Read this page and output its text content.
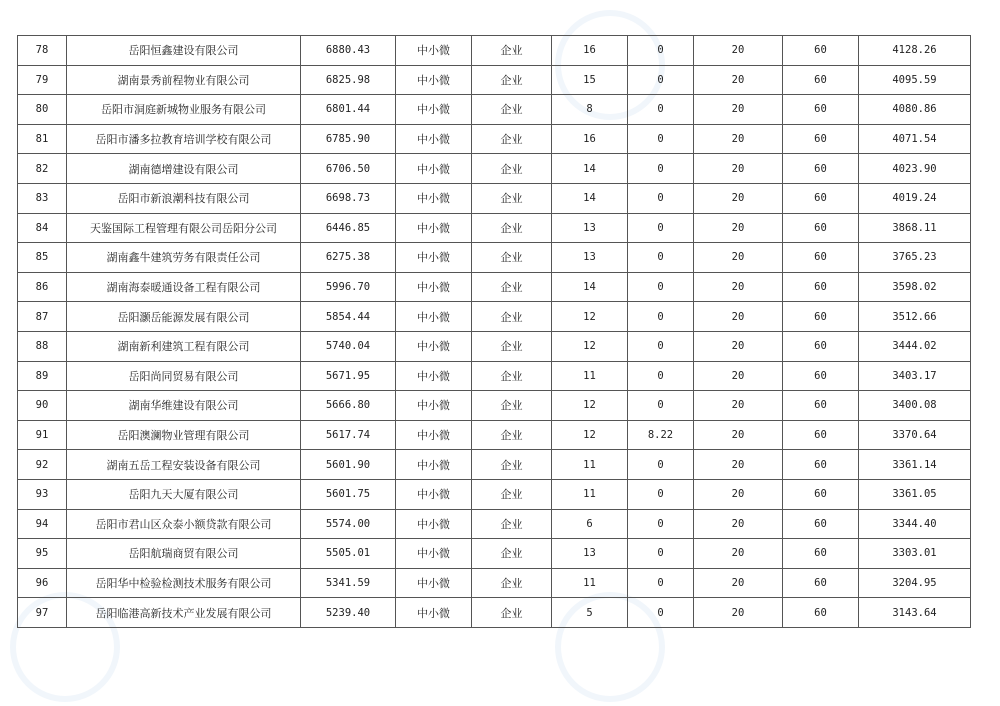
78	岳阳恒鑫建设有限公司	6880.43	中小微	企业	16	0	20	60	4128.26
79	湖南景秀前程物业有限公司	6825.98	中小微	企业	15	0	20	60	4095.59
80	岳阳市洞庭新城物业服务有限公司	6801.44	中小微	企业	8	0	20	60	4080.86
81	岳阳市潘多拉教育培训学校有限公司	6785.90	中小微	企业	16	0	20	60	4071.54
82	湖南德增建设有限公司	6706.50	中小微	企业	14	0	20	60	4023.90
83	岳阳市新浪潮科技有限公司	6698.73	中小微	企业	14	0	20	60	4019.24
84	天鉴国际工程管理有限公司岳阳分公司	6446.85	中小微	企业	13	0	20	60	3868.11
85	湖南鑫牛建筑劳务有限责任公司	6275.38	中小微	企业	13	0	20	60	3765.23
86	湖南海泰暖通设备工程有限公司	5996.70	中小微	企业	14	0	20	60	3598.02
87	岳阳灏岳能源发展有限公司	5854.44	中小微	企业	12	0	20	60	3512.66
88	湖南新利建筑工程有限公司	5740.04	中小微	企业	12	0	20	60	3444.02
89	岳阳尚同贸易有限公司	5671.95	中小微	企业	11	0	20	60	3403.17
90	湖南华维建设有限公司	5666.80	中小微	企业	12	0	20	60	3400.08
91	岳阳澳澜物业管理有限公司	5617.74	中小微	企业	12	8.22	20	60	3370.64
92	湖南五岳工程安装设备有限公司	5601.90	中小微	企业	11	0	20	60	3361.14
93	岳阳九天大厦有限公司	5601.75	中小微	企业	11	0	20	60	3361.05
94	岳阳市君山区众泰小额贷款有限公司	5574.00	中小微	企业	6	0	20	60	3344.40
95	岳阳航瑞商贸有限公司	5505.01	中小微	企业	13	0	20	60	3303.01
96	岳阳华中检验检测技术服务有限公司	5341.59	中小微	企业	11	0	20	60	3204.95
97	岳阳临港高新技术产业发展有限公司	5239.40	中小微	企业	5	0	20	60	3143.64
